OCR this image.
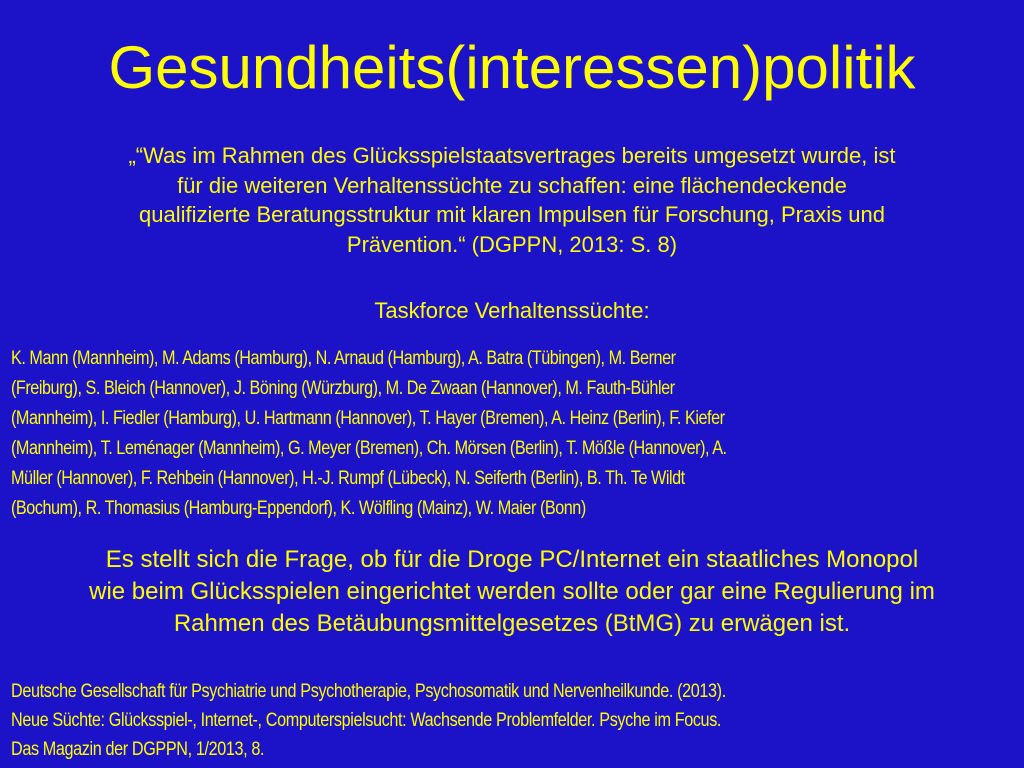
Gesundheits(interessen)politik

„“Was im Rahmen des Glücksspielstaatsvertrages bereits umgesetzt wurde, ist
für die weiteren Verhaltenssüchte zu schaffen: eine flächendeckende
qualifizierte Beratungsstruktur mit klaren Impulsen für Forschung, Praxis und
Prävention.“ (DGPPN, 2013: S. 8)

Taskforce Verhaltenssüchte:

K. Mann (Mannheim), M. Adams (Hamburg), N. Arnaud (Hamburg), A. Batra (Tübingen), M. Berner
(Freiburg), S. Bleich (Hannover), J. Böning (Würzburg), M. De Zwaan (Hannover), M. Fauth-Bühler
(Mannheim), I. Fiedler (Hamburg), U. Hartmann (Hannover), T. Hayer (Bremen), A. Heinz (Berlin), F. Kiefer
(Mannheim), T. Leménager (Mannheim), G. Meyer (Bremen), Ch. Mörsen (Berlin), T. Mößle (Hannover), A.
Müller (Hannover), F. Rehbein (Hannover), H.-J. Rumpf (Lübeck), N. Seiferth (Berlin), B. Th. Te Wildt
(Bochum), R. Thomasius (Hamburg-Eppendorf), K. Wölfling (Mainz), W. Maier (Bonn)

Es stellt sich die Frage, ob für die Droge PC/Internet ein staatliches Monopol
wie beim Glücksspielen eingerichtet werden sollte oder gar eine Regulierung im
Rahmen des Betäubungsmittelgesetzes (BtMG) zu erwägen ist.

Deutsche Gesellschaft für Psychiatrie und Psychotherapie, Psychosomatik und Nervenheilkunde. (2013).
Neue Süchte: Glücksspiel-, Internet-, Computerspielsucht: Wachsende Problemfelder. Psyche im Focus.
Das Magazin der DGPPN, 1/2013, 8.
